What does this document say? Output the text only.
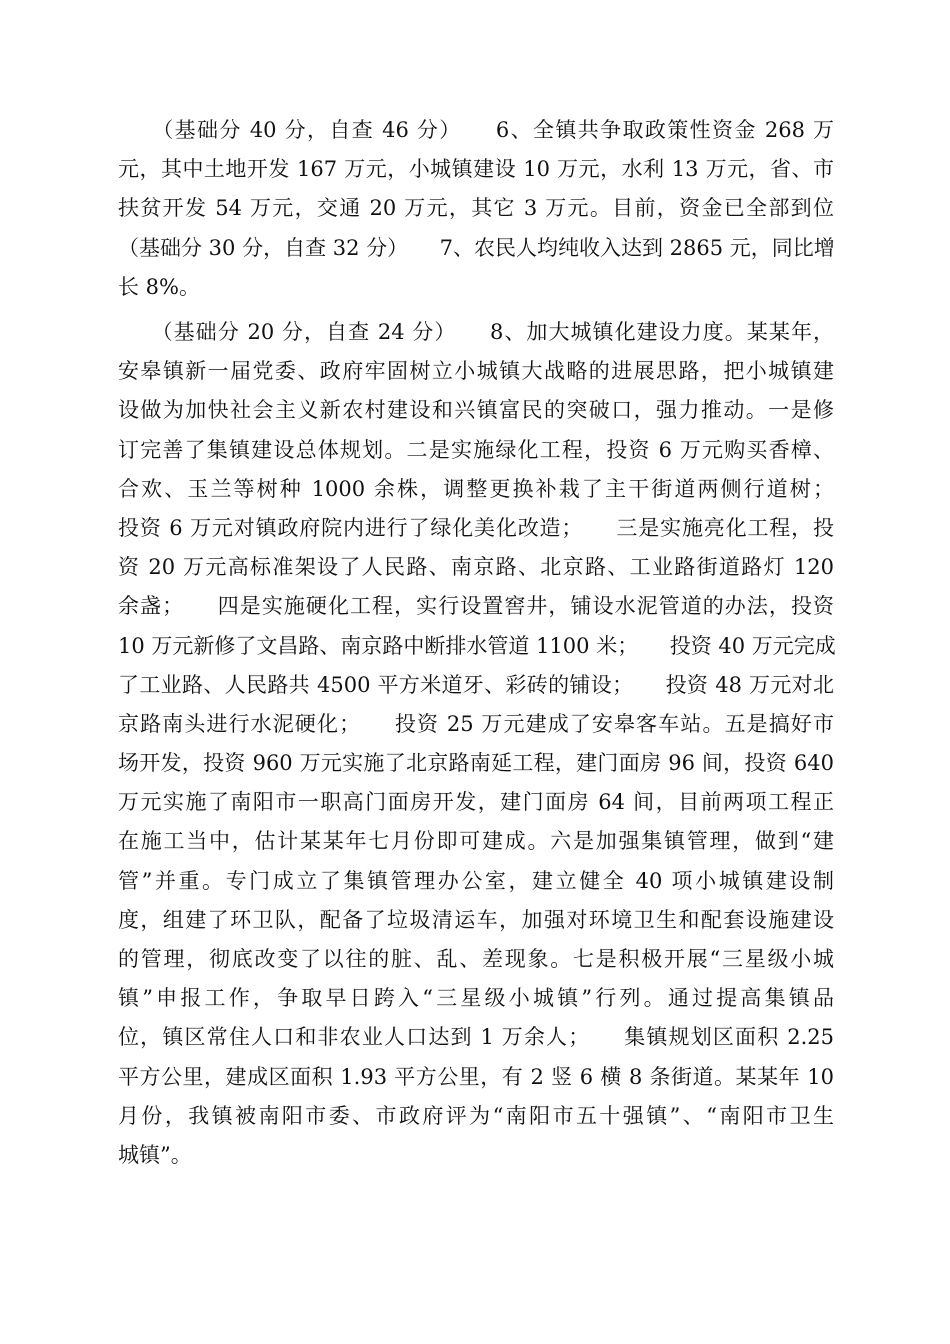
　　（基础分 40 分，自查 46 分）　　6、全镇共争取政策性资金 268 万
元，其中土地开发 167 万元，小城镇建设 10 万元，水利 13 万元，省、市
扶贫开发 54 万元，交通 20 万元，其它 3 万元。目前，资金已全部到位
（基础分 30 分，自查 32 分）　　7、农民人均纯收入达到 2865 元，同比增
长 8%。
　　（基础分 20 分，自查 24 分）　　8、加大城镇化建设力度。某某年，
安皋镇新一届党委、政府牢固树立小城镇大战略的进展思路，把小城镇建
设做为加快社会主义新农村建设和兴镇富民的突破口，强力推动。一是修
订完善了集镇建设总体规划。二是实施绿化工程，投资 6 万元购买香樟、
合欢、玉兰等树种 1000 余株，调整更换补栽了主干街道两侧行道树；
投资 6 万元对镇政府院内进行了绿化美化改造；　　三是实施亮化工程，投
资 20 万元高标准架设了人民路、南京路、北京路、工业路街道路灯 120
余盏；　　四是实施硬化工程，实行设置窖井，铺设水泥管道的办法，投资
10 万元新修了文昌路、南京路中断排水管道 1100 米；　　投资 40 万元完成
了工业路、人民路共 4500 平方米道牙、彩砖的铺设；　　投资 48 万元对北
京路南头进行水泥硬化；　　投资 25 万元建成了安皋客车站。五是搞好市
场开发，投资 960 万元实施了北京路南延工程，建门面房 96 间，投资 640
万元实施了南阳市一职高门面房开发，建门面房 64 间，目前两项工程正
在施工当中，估计某某年七月份即可建成。六是加强集镇管理，做到“建
管”并重。专门成立了集镇管理办公室，建立健全 40 项小城镇建设制
度，组建了环卫队，配备了垃圾清运车，加强对环境卫生和配套设施建设
的管理，彻底改变了以往的脏、乱、差现象。七是积极开展“三星级小城
镇”申报工作，争取早日跨入“三星级小城镇”行列。通过提高集镇品
位，镇区常住人口和非农业人口达到 1 万余人；　　集镇规划区面积 2.25
平方公里，建成区面积 1.93 平方公里，有 2 竖 6 横 8 条街道。某某年 10
月份，我镇被南阳市委、市政府评为“南阳市五十强镇”、“南阳市卫生
城镇”。
